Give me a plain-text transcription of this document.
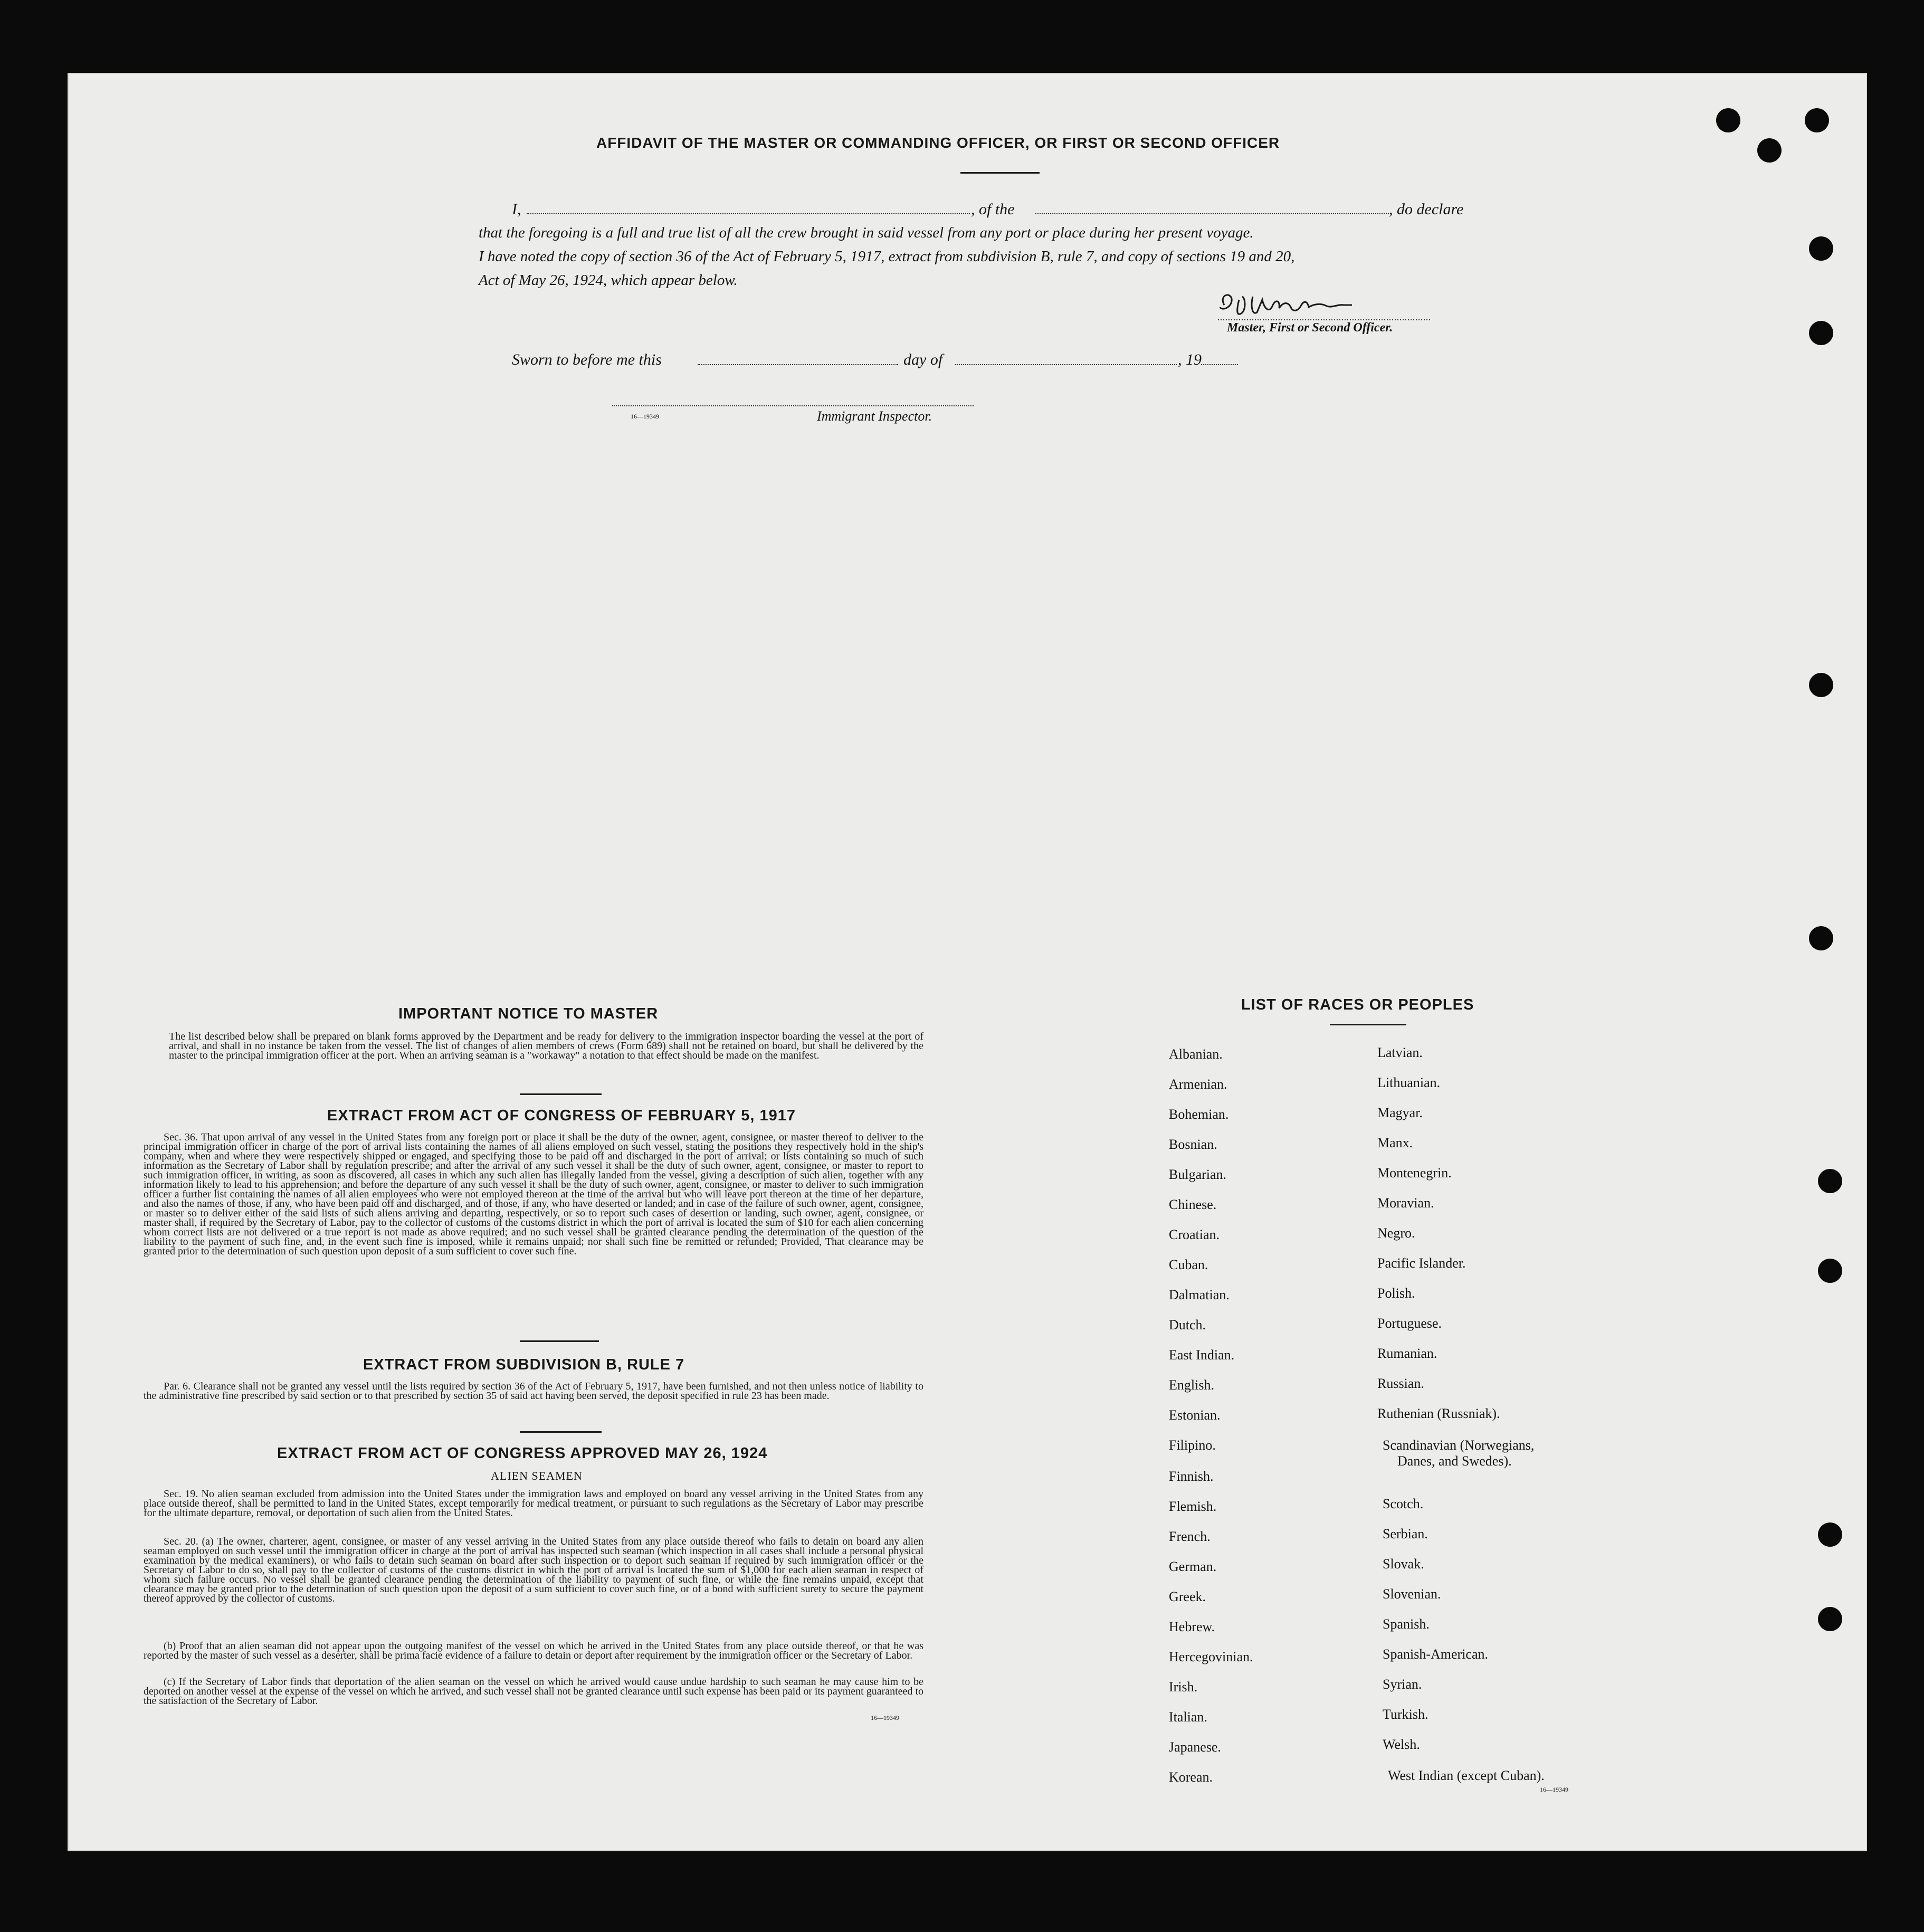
AFFIDAVIT OF THE MASTER OR COMMANDING OFFICER, OR FIRST OR SECOND OFFICER
I,	, of the	, do declare
that the foregoing is a full and true list of all the crew brought in said vessel from any port or place during her present voyage.
I have noted the copy of section 36 of the Act of February 5, 1917, extract from subdivision B, rule 7, and copy of sections 19 and 20,
Act of May 26, 1924, which appear below.
Master, First or Second Officer.
Sworn to before me this	day of	, 19
16—19349	Immigrant Inspector.
IMPORTANT NOTICE TO MASTER
The list described below shall be prepared on blank forms approved by the Department and be ready for delivery to the immigration inspector boarding the vessel at the port of arrival, and shall in no instance be taken from the vessel. The list of changes of alien members of crews (Form 689) shall not be retained on board, but shall be delivered by the master to the principal immigration officer at the port. When an arriving seaman is a "workaway" a notation to that effect should be made on the manifest.
EXTRACT FROM ACT OF CONGRESS OF FEBRUARY 5, 1917
Sec. 36. That upon arrival of any vessel in the United States from any foreign port or place it shall be the duty of the owner, agent, consignee, or master thereof to deliver to the principal immigration officer in charge of the port of arrival lists containing the names of all aliens employed on such vessel, stating the positions they respectively hold in the ship's company, when and where they were respectively shipped or engaged, and specifying those to be paid off and discharged in the port of arrival; or lists containing so much of such information as the Secretary of Labor shall by regulation prescribe; and after the arrival of any such vessel it shall be the duty of such owner, agent, consignee, or master to report to such immigration officer, in writing, as soon as discovered, all cases in which any such alien has illegally landed from the vessel, giving a description of such alien, together with any information likely to lead to his apprehension; and before the departure of any such vessel it shall be the duty of such owner, agent, consignee, or master to deliver to such immigration officer a further list containing the names of all alien employees who were not employed thereon at the time of the arrival but who will leave port thereon at the time of her departure, and also the names of those, if any, who have been paid off and discharged, and of those, if any, who have deserted or landed; and in case of the failure of such owner, agent, consignee, or master so to deliver either of the said lists of such aliens arriving and departing, respectively, or so to report such cases of desertion or landing, such owner, agent, consignee, or master shall, if required by the Secretary of Labor, pay to the collector of customs of the customs district in which the port of arrival is located the sum of $10 for each alien concerning whom correct lists are not delivered or a true report is not made as above required; and no such vessel shall be granted clearance pending the determination of the question of the liability to the payment of such fine, and, in the event such fine is imposed, while it remains unpaid; nor shall such fine be remitted or refunded; Provided, That clearance may be granted prior to the determination of such question upon deposit of a sum sufficient to cover such fine.
EXTRACT FROM SUBDIVISION B, RULE 7
Par. 6. Clearance shall not be granted any vessel until the lists required by section 36 of the Act of February 5, 1917, have been furnished, and not then unless notice of liability to the administrative fine prescribed by said section or to that prescribed by section 35 of said act having been served, the deposit specified in rule 23 has been made.
EXTRACT FROM ACT OF CONGRESS APPROVED MAY 26, 1924
ALIEN SEAMEN
Sec. 19. No alien seaman excluded from admission into the United States under the immigration laws and employed on board any vessel arriving in the United States from any place outside thereof, shall be permitted to land in the United States, except temporarily for medical treatment, or pursuant to such regulations as the Secretary of Labor may prescribe for the ultimate departure, removal, or deportation of such alien from the United States.
Sec. 20. (a) The owner, charterer, agent, consignee, or master of any vessel arriving in the United States from any place outside thereof who fails to detain on board any alien seaman employed on such vessel until the immigration officer in charge at the port of arrival has inspected such seaman (which inspection in all cases shall include a personal physical examination by the medical examiners), or who fails to detain such seaman on board after such inspection or to deport such seaman if required by such immigration officer or the Secretary of Labor to do so, shall pay to the collector of customs of the customs district in which the port of arrival is located the sum of $1,000 for each alien seaman in respect of whom such failure occurs. No vessel shall be granted clearance pending the determination of the liability to payment of such fine, or while the fine remains unpaid, except that clearance may be granted prior to the determination of such question upon the deposit of a sum sufficient to cover such fine, or of a bond with sufficient surety to secure the payment thereof approved by the collector of customs.
(b) Proof that an alien seaman did not appear upon the outgoing manifest of the vessel on which he arrived in the United States from any place outside thereof, or that he was reported by the master of such vessel as a deserter, shall be prima facie evidence of a failure to detain or deport after requirement by the immigration officer or the Secretary of Labor.
(c) If the Secretary of Labor finds that deportation of the alien seaman on the vessel on which he arrived would cause undue hardship to such seaman he may cause him to be deported on another vessel at the expense of the vessel on which he arrived, and such vessel shall not be granted clearance until such expense has been paid or its payment guaranteed to the satisfaction of the Secretary of Labor.
16—19349
LIST OF RACES OR PEOPLES
Albanian.
Armenian.
Bohemian.
Bosnian.
Bulgarian.
Chinese.
Croatian.
Cuban.
Dalmatian.
Dutch.
East Indian.
English.
Estonian.
Filipino.
Finnish.
Flemish.
French.
German.
Greek.
Hebrew.
Hercegovinian.
Irish.
Italian.
Japanese.
Korean.
Latvian.
Lithuanian.
Magyar.
Manx.
Montenegrin.
Moravian.
Negro.
Pacific Islander.
Polish.
Portuguese.
Rumanian.
Russian.
Ruthenian (Russniak).
Scandinavian (Norwegians,
Danes, and Swedes).
Scotch.
Serbian.
Slovak.
Slovenian.
Spanish.
Spanish-American.
Syrian.
Turkish.
Welsh.
West Indian (except Cuban).
16—19349
